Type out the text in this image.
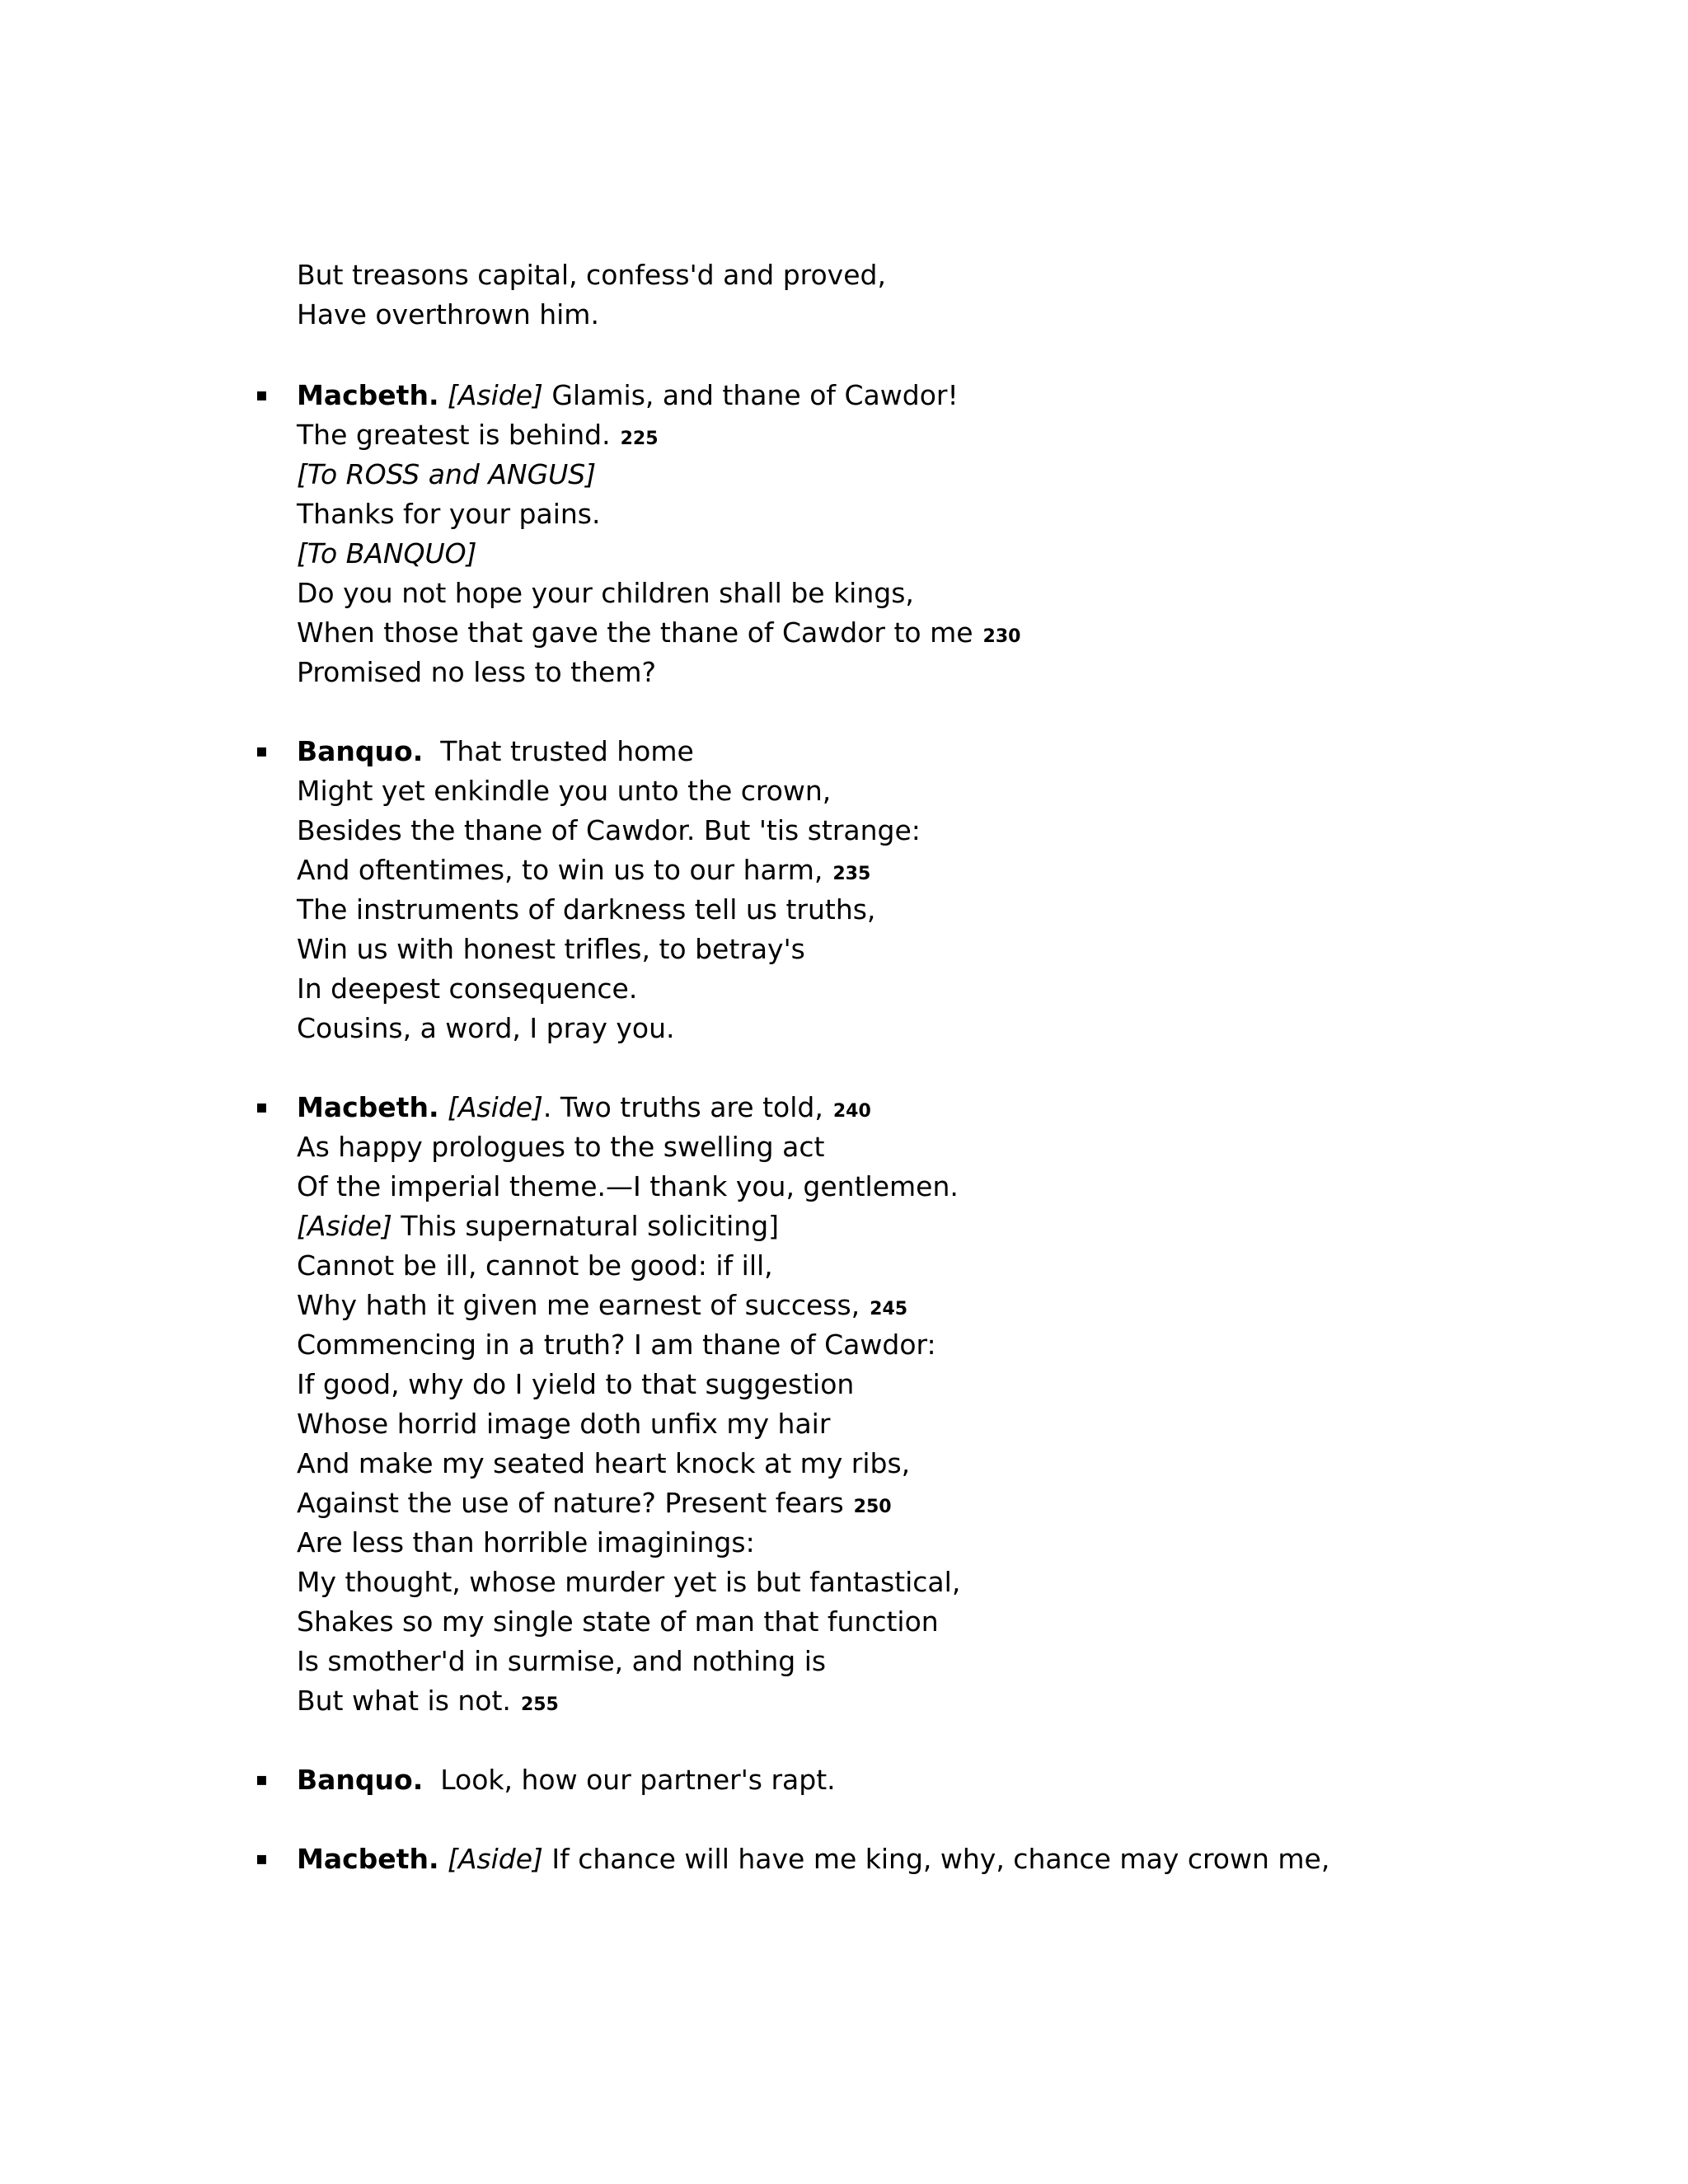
But treasons capital, confess'd and proved,
Have overthrown him.
▪ Macbeth. [Aside] Glamis, and thane of Cawdor!
The greatest is behind. 225
[To ROSS and ANGUS]
Thanks for your pains.
[To BANQUO]
Do you not hope your children shall be kings,
When those that gave the thane of Cawdor to me 230
Promised no less to them?
▪ Banquo.  That trusted home
Might yet enkindle you unto the crown,
Besides the thane of Cawdor. But 'tis strange:
And oftentimes, to win us to our harm, 235
The instruments of darkness tell us truths,
Win us with honest trifles, to betray's
In deepest consequence.
Cousins, a word, I pray you.
▪ Macbeth. [Aside]. Two truths are told, 240
As happy prologues to the swelling act
Of the imperial theme.—I thank you, gentlemen.
[Aside] This supernatural soliciting]
Cannot be ill, cannot be good: if ill,
Why hath it given me earnest of success, 245
Commencing in a truth? I am thane of Cawdor:
If good, why do I yield to that suggestion
Whose horrid image doth unfix my hair
And make my seated heart knock at my ribs,
Against the use of nature? Present fears 250
Are less than horrible imaginings:
My thought, whose murder yet is but fantastical,
Shakes so my single state of man that function
Is smother'd in surmise, and nothing is
But what is not. 255
▪ Banquo.  Look, how our partner's rapt.
▪ Macbeth. [Aside] If chance will have me king, why, chance may crown me,
